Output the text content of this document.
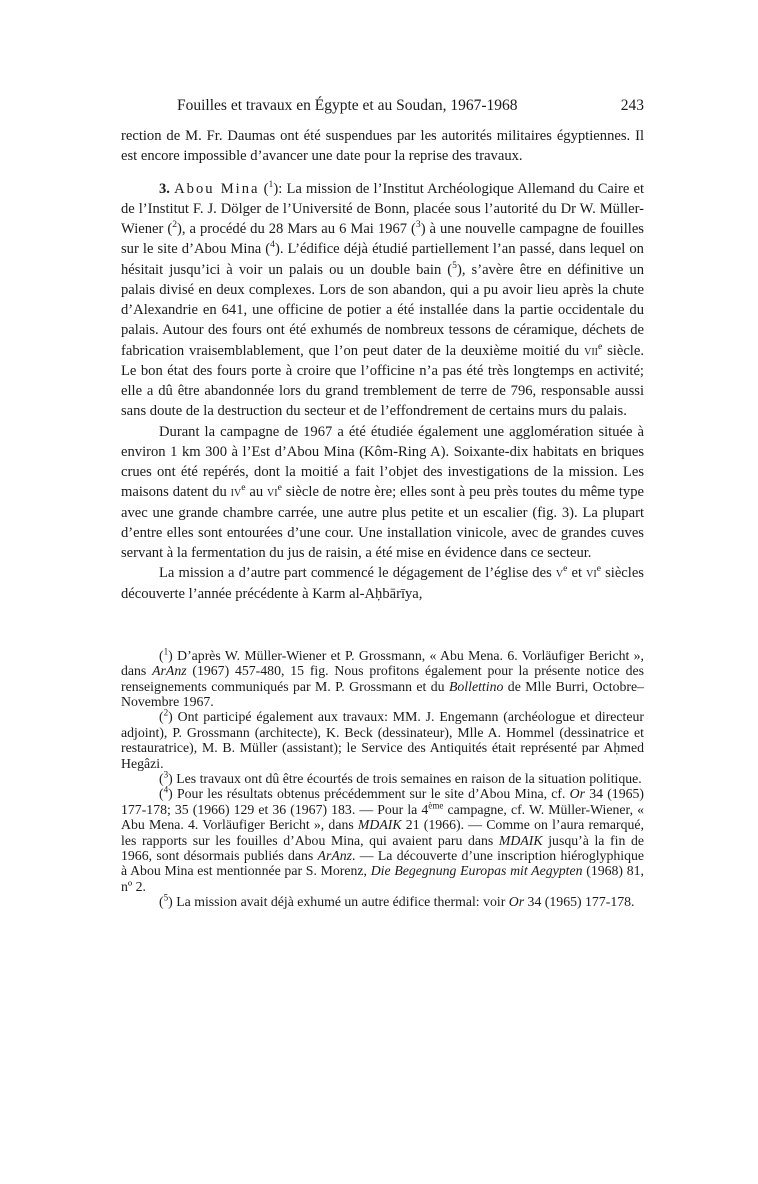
Fouilles et travaux en Égypte et au Soudan, 1967-1968	243

rection de M. Fr. Daumas ont été suspendues par les autorités militaires égyptiennes. Il est encore impossible d’avancer une date pour la reprise des travaux.

3. Abou Mina ($^1$): La mission de l’Institut Archéologique Allemand du Caire et de l’Institut F. J. Dölger de l’Université de Bonn, placée sous l’autorité du Dr W. Müller-Wiener ($^2$), a procédé du 28 Mars au 6 Mai 1967 ($^3$) à une nouvelle campagne de fouilles sur le site d’Abou Mina ($^4$). L’édifice déjà étudié partiellement l’an passé, dans lequel on hésitait jusqu’ici à voir un palais ou un double bain ($^5$), s’avère être en définitive un palais divisé en deux complexes. Lors de son abandon, qui a pu avoir lieu après la chute d’Alexandrie en 641, une officine de potier a été installée dans la partie occidentale du palais. Autour des fours ont été exhumés de nombreux tessons de céramique, déchets de fabrication vraisemblablement, que l’on peut dater de la deuxième moitié du vii$^e$ siècle. Le bon état des fours porte à croire que l’officine n’a pas été très longtemps en activité; elle a dû être abandonnée lors du grand tremblement de terre de 796, responsable aussi sans doute de la destruction du secteur et de l’effondrement de certains murs du palais.

Durant la campagne de 1967 a été étudiée également une agglomération située à environ 1 km 300 à l’Est d’Abou Mina (Kôm-Ring A). Soixante-dix habitats en briques crues ont été repérés, dont la moitié a fait l’objet des investigations de la mission. Les maisons datent du $iv^e$ au $vi^e$ siècle de notre ère; elles sont à peu près toutes du même type avec une grande chambre carrée, une autre plus petite et un escalier (fig. 3). La plupart d’entre elles sont entourées d’une cour. Une installation vinicole, avec de grandes cuves servant à la fermentation du jus de raisin, a été mise en évidence dans ce secteur.

La mission a d’autre part commencé le dégagement de l’église des $v^e$ et $vi^e$ siècles découverte l’année précédente à Karm al-Aḥbārīya,

($^1$) D’après W. Müller-Wiener et P. Grossmann, « Abu Mena. 6. Vorläufiger Bericht », dans ArAnz (1967) 457-480, 15 fig. Nous profitons également pour la présente notice des renseignements communiqués par M. P. Grossmann et du Bollettino de Mlle Burri, Octobre–Novembre 1967.

($^2$) Ont participé également aux travaux: MM. J. Engemann (archéologue et directeur adjoint), P. Grossmann (architecte), K. Beck (dessinateur), Mlle A. Hommel (dessinatrice et restauratrice), M. B. Müller (assistant); le Service des Antiquités était représenté par Aḥmed Hegâzi.

($^3$) Les travaux ont dû être écourtés de trois semaines en raison de la situation politique.

($^4$) Pour les résultats obtenus précédemment sur le site d’Abou Mina, cf. Or 34 (1965) 177-178; 35 (1966) 129 et 36 (1967) 183. — Pour la 4ème campagne, cf. W. Müller-Wiener, « Abu Mena. 4. Vorläufiger Bericht », dans MDAIK 21 (1966). — Comme on l’aura remarqué, les rapports sur les fouilles d’Abou Mina, qui avaient paru dans MDAIK jusqu’à la fin de 1966, sont désormais publiés dans ArAnz. — La découverte d’une inscription hiéroglyphique à Abou Mina est mentionnée par S. Morenz, Die Begegnung Europas mit Aegypten (1968) 81, nº 2.

($^5$) La mission avait déjà exhumé un autre édifice thermal: voir Or 34 (1965) 177-178.
